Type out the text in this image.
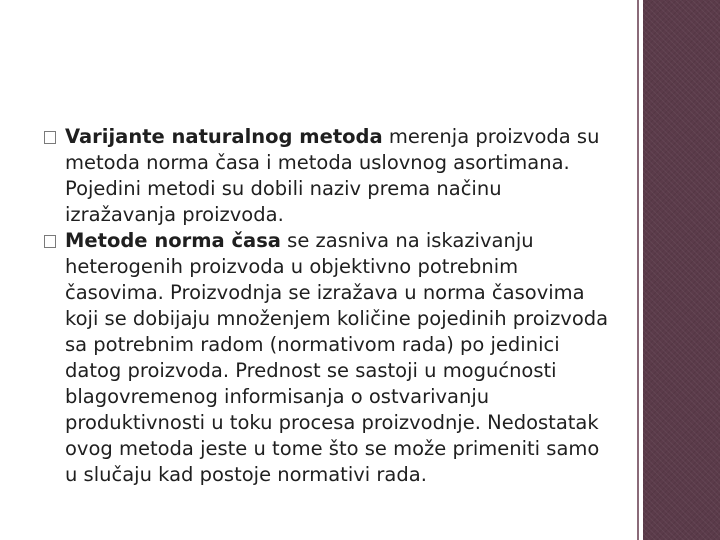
Varijante naturalnog metoda merenja proizvoda su metoda norma časa i metoda uslovnog asortimana. Pojedini metodi su dobili naziv prema načinu izražavanja proizvoda.
Metode norma časa se zasniva na iskazivanju heterogenih proizvoda u objektivno potrebnim časovima. Proizvodnja se izražava u norma časovima koji se dobijaju množenjem količine pojedinih proizvoda sa potrebnim radom (normativom rada) po jedinici datog proizvoda. Prednost se sastoji u mogućnosti blagovremenog informisanja o ostvarivanju produktivnosti u toku procesa proizvodnje. Nedostatak ovog metoda jeste u tome što se može primeniti samo u slučaju kad postoje normativi rada.
